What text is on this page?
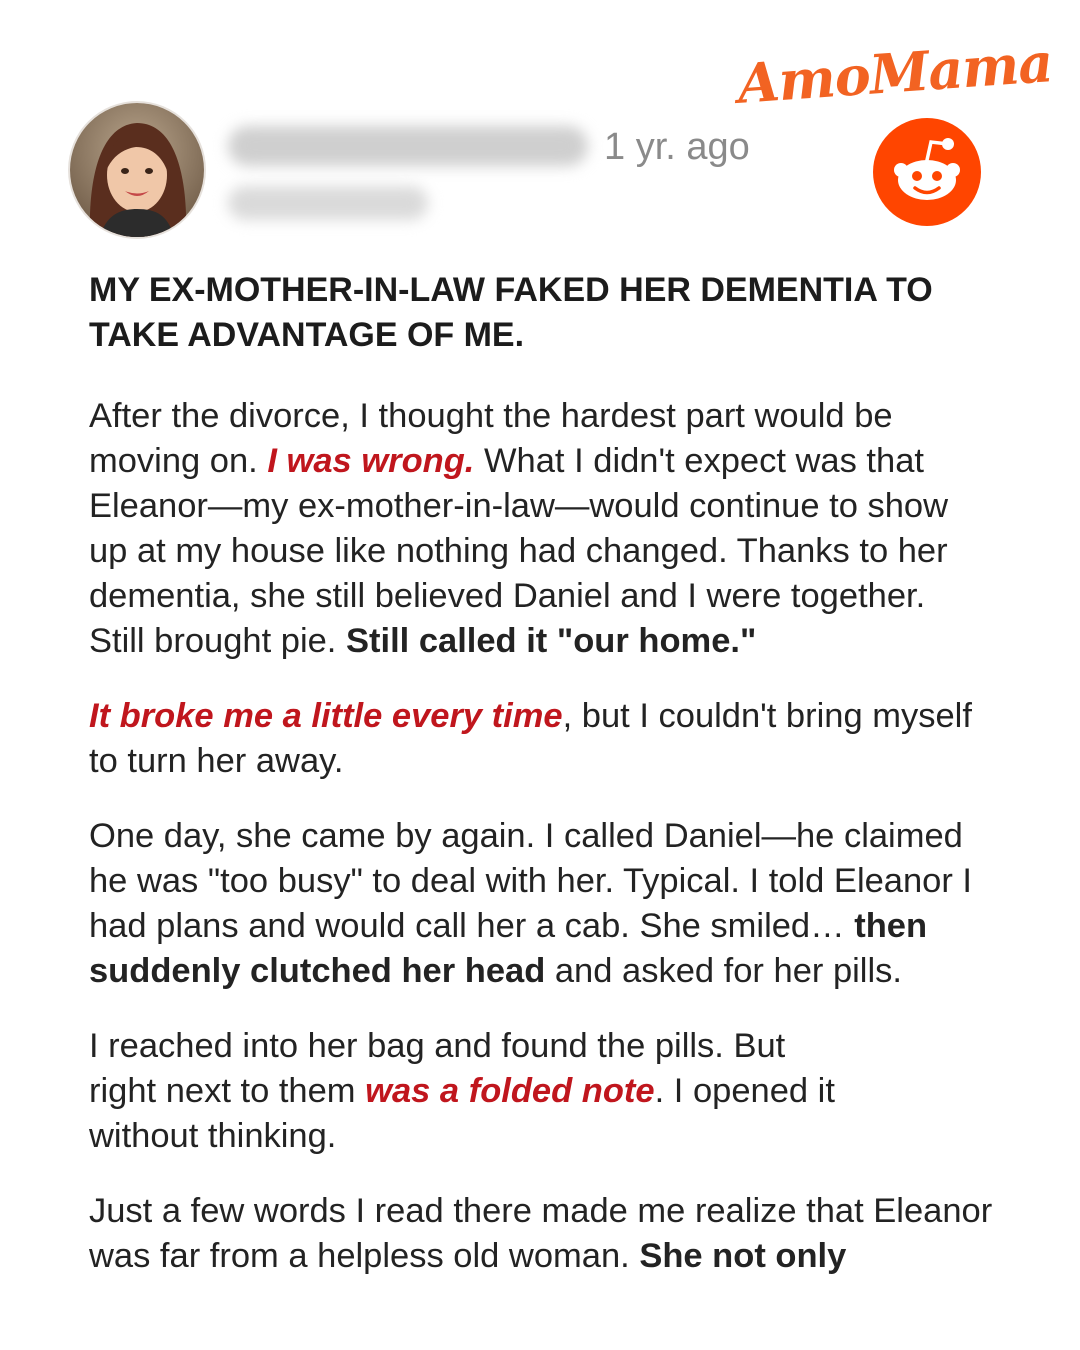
AmoMama
1 yr. ago
MY EX-MOTHER-IN-LAW FAKED HER DEMENTIA TO TAKE ADVANTAGE OF ME.

After the divorce, I thought the hardest part would be moving on. I was wrong. What I didn't expect was that Eleanor—my ex-mother-in-law—would continue to show up at my house like nothing had changed. Thanks to her dementia, she still believed Daniel and I were together. Still brought pie. Still called it "our home."

It broke me a little every time, but I couldn't bring myself to turn her away.

One day, she came by again. I called Daniel—he claimed he was "too busy" to deal with her. Typical. I told Eleanor I had plans and would call her a cab. She smiled… then suddenly clutched her head and asked for her pills.

I reached into her bag and found the pills. But right next to them was a folded note. I opened it without thinking.

Just a few words I read there made me realize that Eleanor was far from a helpless old woman. She not only
